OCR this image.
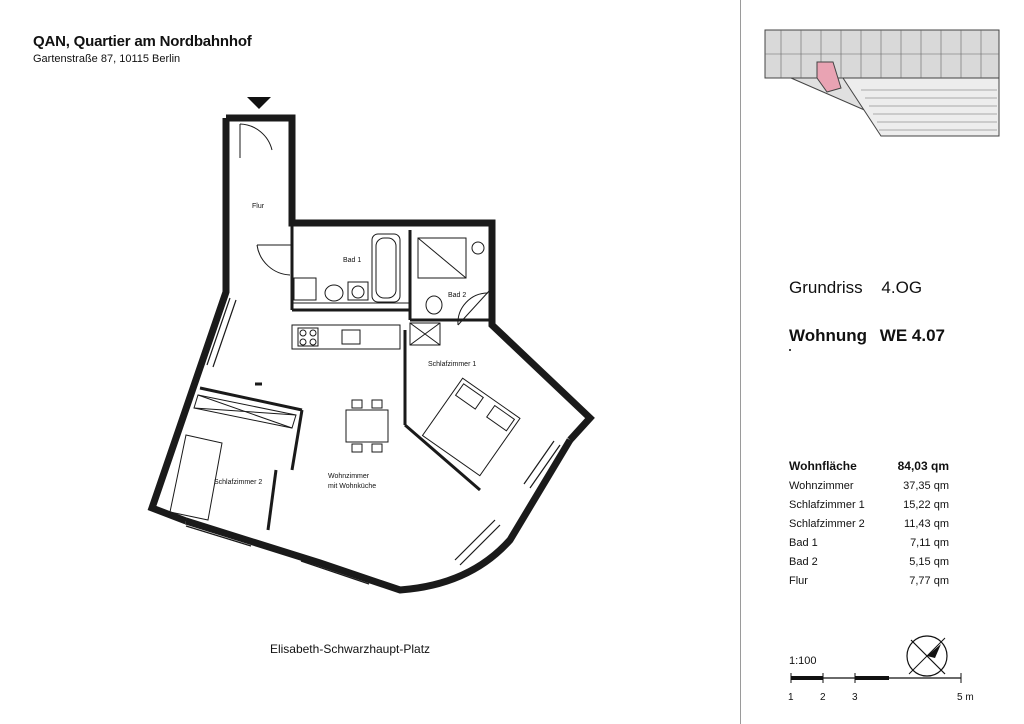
QAN, Quartier am Nordbahnhof
Gartenstraße 87, 10115 Berlin
Flur
Bad 1
Bad 2
Schlafzimmer 1
Schlafzimmer 2
Wohnzimmer
mit Wohnküche
Elisabeth-Schwarzhaupt-Platz
Grundriss 4.OG
Wohnung WE 4.07
Wohnfläche	84,03 qm
Wohnzimmer	37,35 qm
Schlafzimmer 1	15,22 qm
Schlafzimmer 2	11,43 qm
Bad 1	7,11 qm
Bad 2	5,15 qm
Flur	7,77 qm
1:100
1	2	3	5 m
